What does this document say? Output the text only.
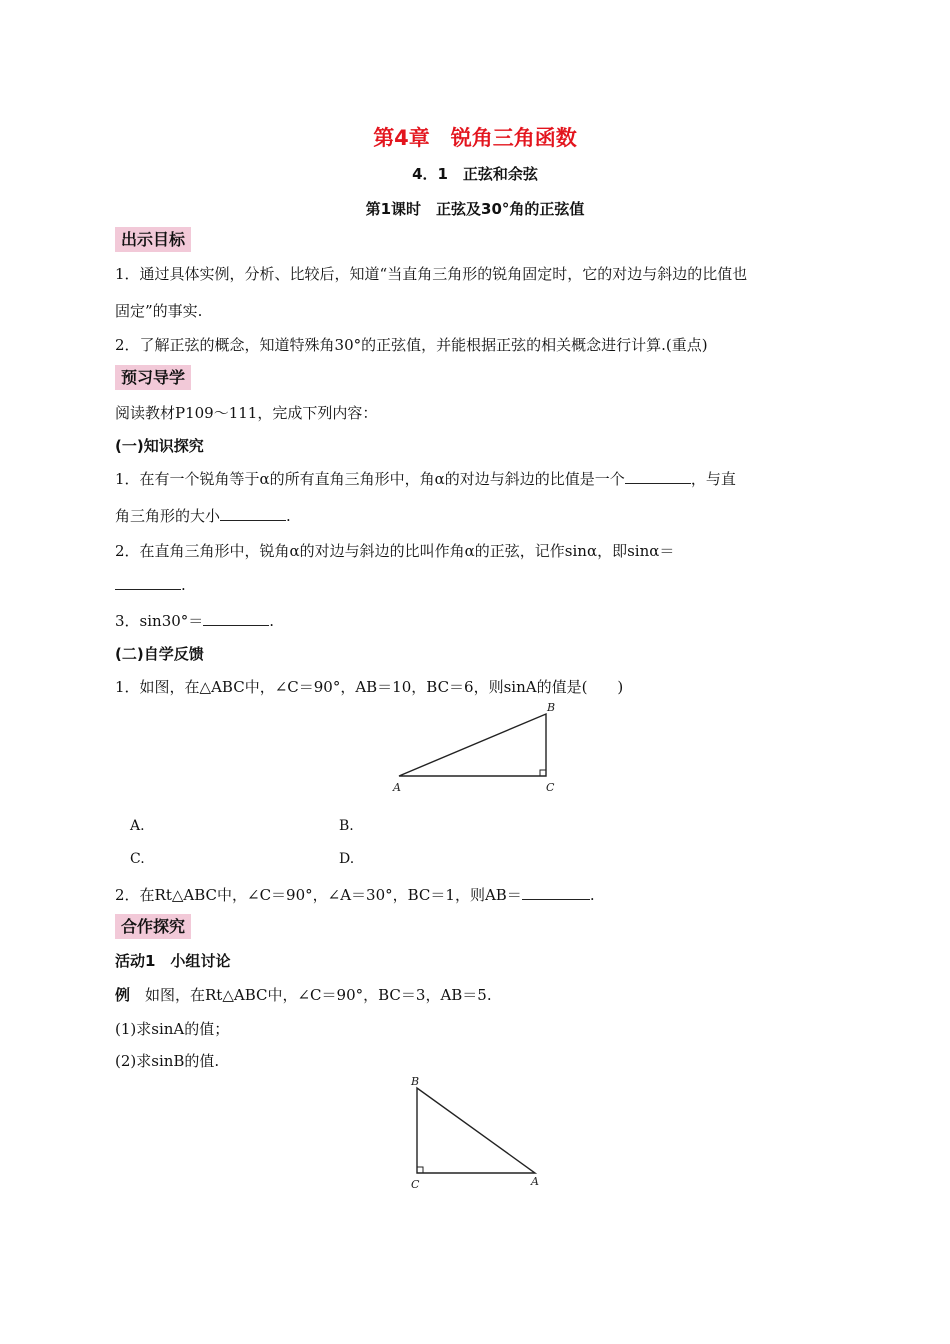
第4章　锐角三角函数
4．1　正弦和余弦
第1课时　正弦及30°角的正弦值
出示目标
1．通过具体实例，分析、比较后，知道“当直角三角形的锐角固定时，它的对边与斜边的比值也
固定”的事实.
2．了解正弦的概念，知道特殊角30°的正弦值，并能根据正弦的相关概念进行计算.(重点)
预习导学
阅读教材P109～111，完成下列内容：
(一)知识探究
1．在有一个锐角等于α的所有直角三角形中，角α的对边与斜边的比值是一个	，与直
角三角形的大小	.
2．在直角三角形中，锐角α的对边与斜边的比叫作角α的正弦，记作sinα，即sinα＝
.
3．sin30°＝	.
(二)自学反馈
1．如图，在△ABC中，∠C＝90°，AB＝10，BC＝6，则sinA的值是(　　)
B
A	C
A.	B.
C.	D.
2．在Rt△ABC中，∠C＝90°，∠A＝30°，BC＝1，则AB＝	.
合作探究
活动1　小组讨论
例　如图，在Rt△ABC中，∠C＝90°，BC＝3，AB＝5.
(1)求sinA的值；
(2)求sinB的值.
B
C	A
